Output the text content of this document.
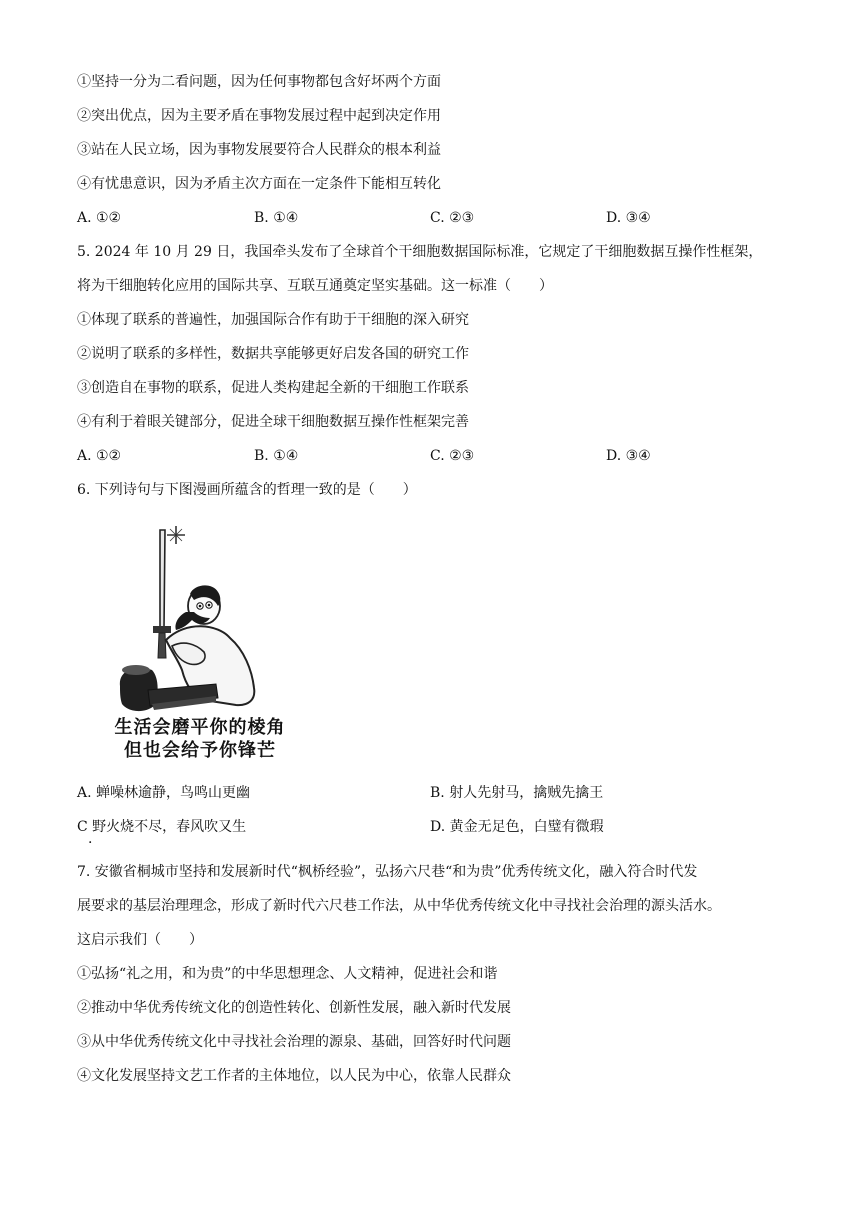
①坚持一分为二看问题，因为任何事物都包含好坏两个方面
②突出优点，因为主要矛盾在事物发展过程中起到决定作用
③站在人民立场，因为事物发展要符合人民群众的根本利益
④有忧患意识，因为矛盾主次方面在一定条件下能相互转化
A. ①②	B. ①④	C. ②③	D. ③④
5. 2024 年 10 月 29 日，我国牵头发布了全球首个干细胞数据国际标准，它规定了干细胞数据互操作性框架，
将为干细胞转化应用的国际共享、互联互通奠定坚实基础。这一标准（　　）
①体现了联系的普遍性，加强国际合作有助于干细胞的深入研究
②说明了联系的多样性，数据共享能够更好启发各国的研究工作
③创造自在事物的联系，促进人类构建起全新的干细胞工作联系
④有利于着眼关键部分，促进全球干细胞数据互操作性框架完善
A. ①②	B. ①④	C. ②③	D. ③④
6. 下列诗句与下图漫画所蕴含的哲理一致的是（　　）
生活会磨平你的棱角
但也会给予你锋芒
A. 蝉噪林逾静，鸟鸣山更幽	B. 射人先射马，擒贼先擒王
C 野火烧不尽，春风吹又生	D. 黄金无足色，白璧有微瑕
·
7. 安徽省桐城市坚持和发展新时代“枫桥经验”，弘扬六尺巷“和为贵”优秀传统文化，融入符合时代发
展要求的基层治理理念，形成了新时代六尺巷工作法，从中华优秀传统文化中寻找社会治理的源头活水。
这启示我们（　　）
①弘扬“礼之用，和为贵”的中华思想理念、人文精神，促进社会和谐
②推动中华优秀传统文化的创造性转化、创新性发展，融入新时代发展
③从中华优秀传统文化中寻找社会治理的源泉、基础，回答好时代问题
④文化发展坚持文艺工作者的主体地位，以人民为中心，依靠人民群众
